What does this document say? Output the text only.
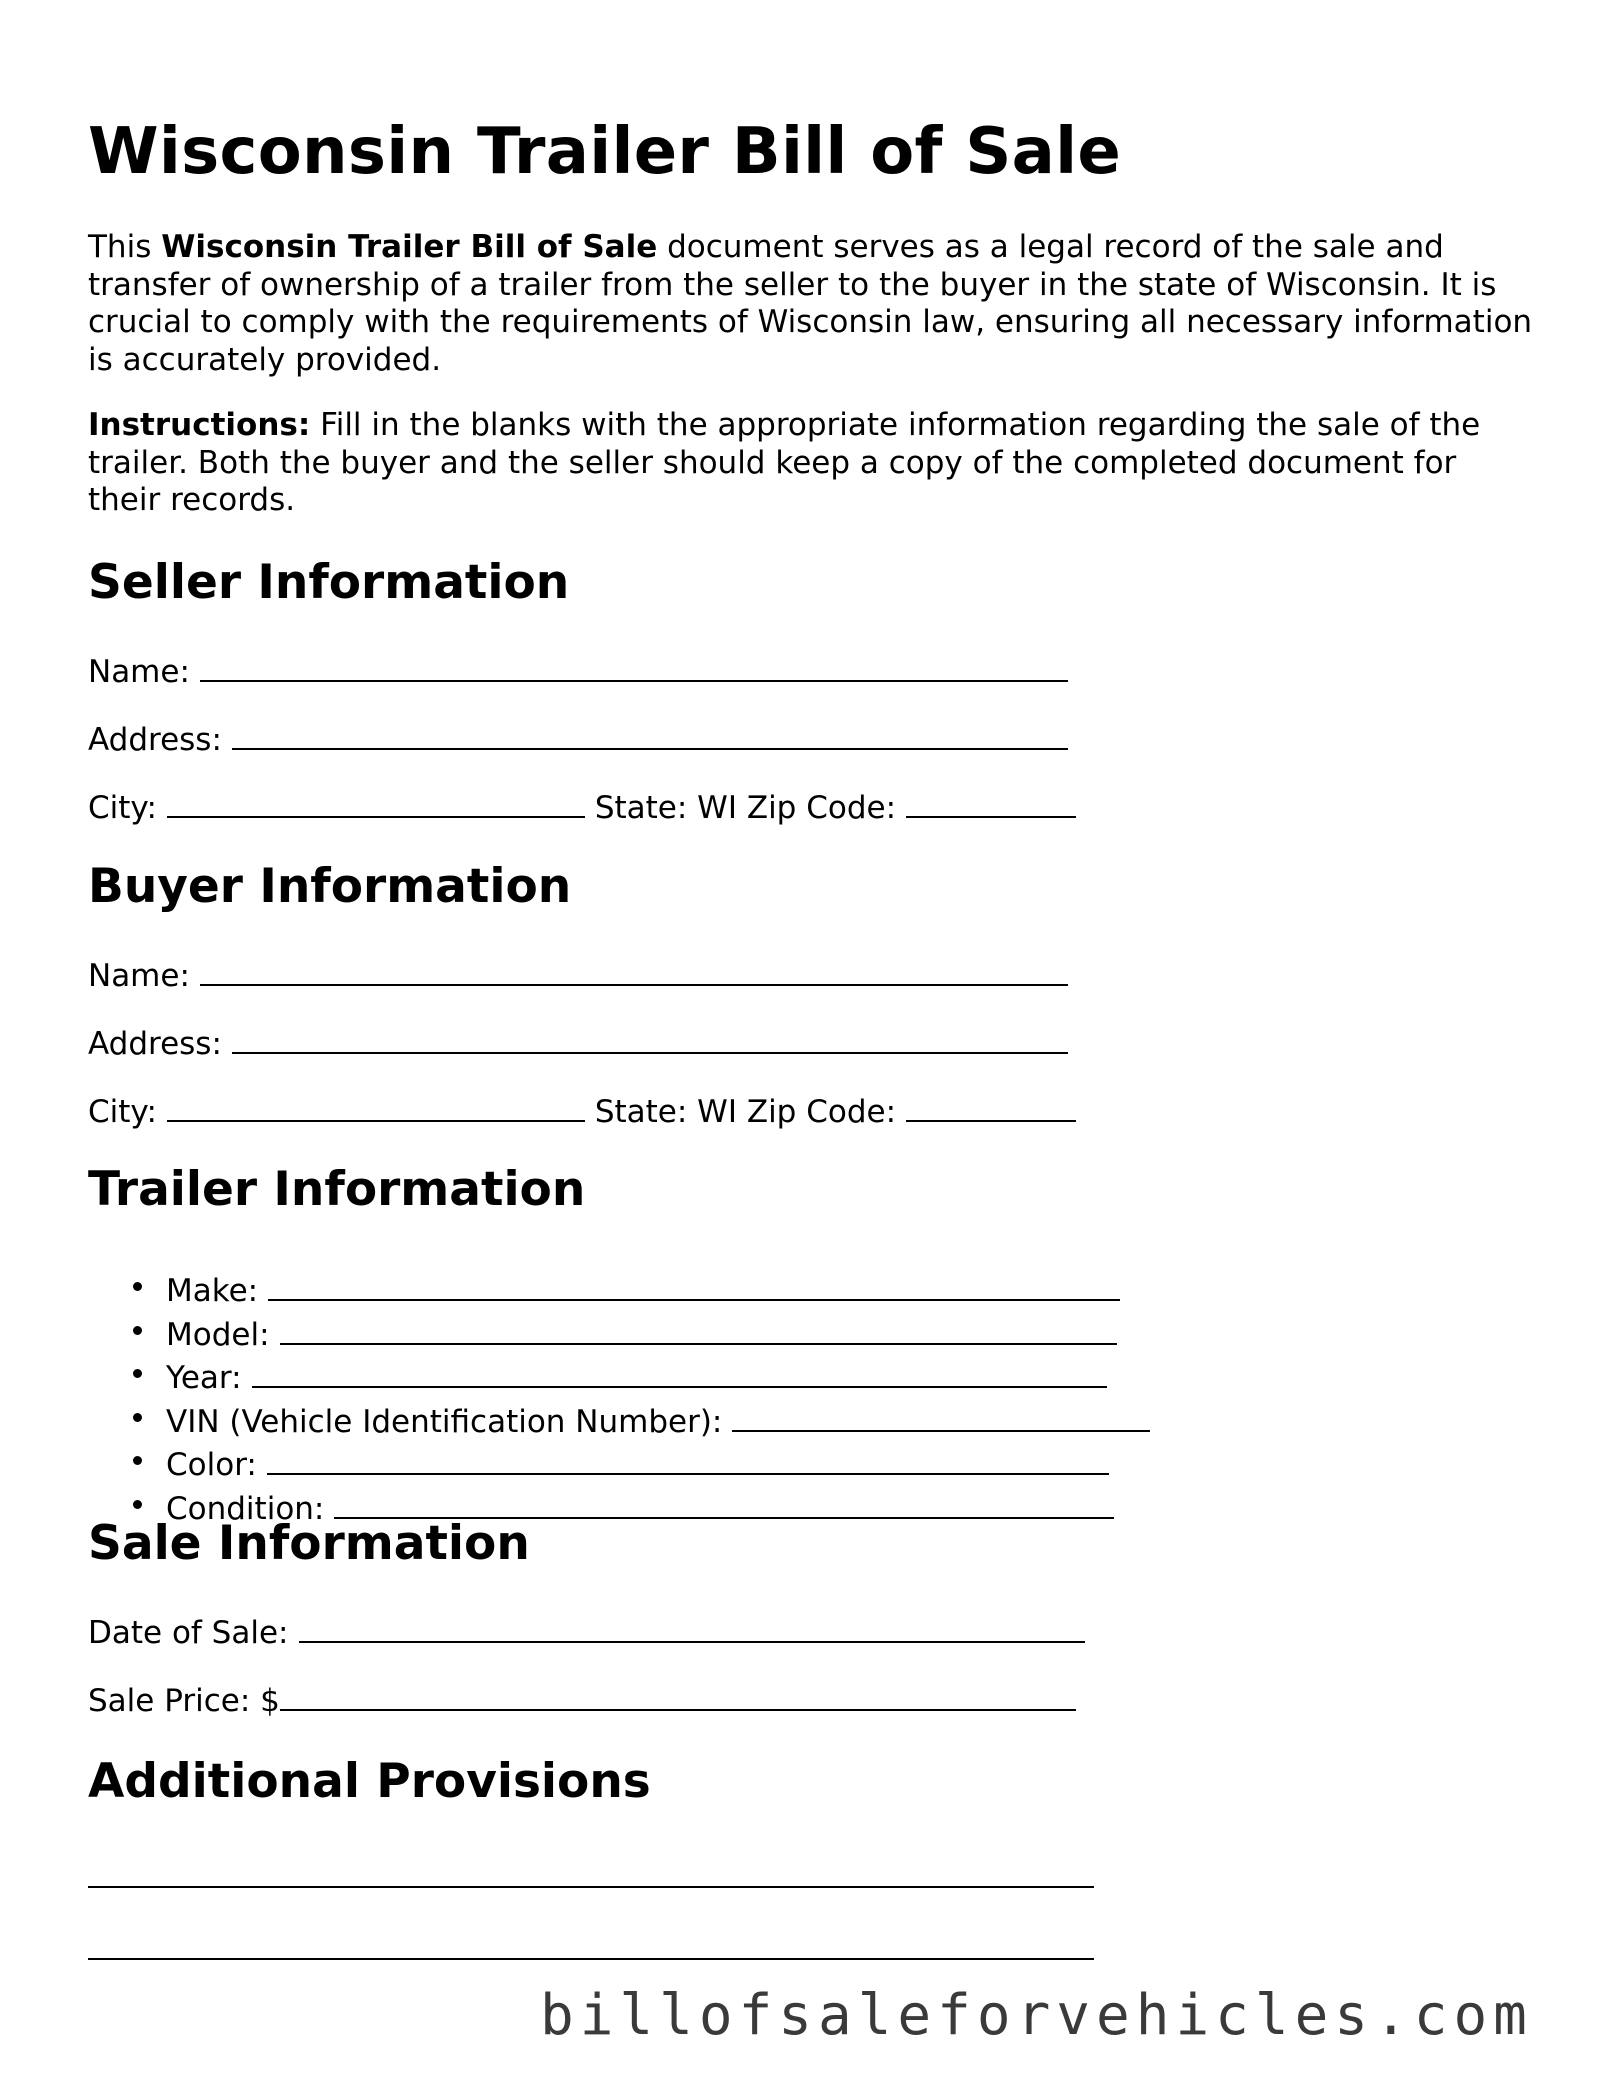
Wisconsin Trailer Bill of Sale

This Wisconsin Trailer Bill of Sale document serves as a legal record of the sale and transfer of ownership of a trailer from the seller to the buyer in the state of Wisconsin. It is crucial to comply with the requirements of Wisconsin law, ensuring all necessary information is accurately provided.

Instructions: Fill in the blanks with the appropriate information regarding the sale of the trailer. Both the buyer and the seller should keep a copy of the completed document for their records.

Seller Information
Name:
Address:
City:	State: WI Zip Code:
Buyer Information
Name:
Address:
City:	State: WI Zip Code:
Trailer Information
Make:
Model:
Year:
VIN (Vehicle Identification Number):
Color:
Condition:
Sale Information
Date of Sale:
Sale Price: $
Additional Provisions
billofsaleforvehicles.com
